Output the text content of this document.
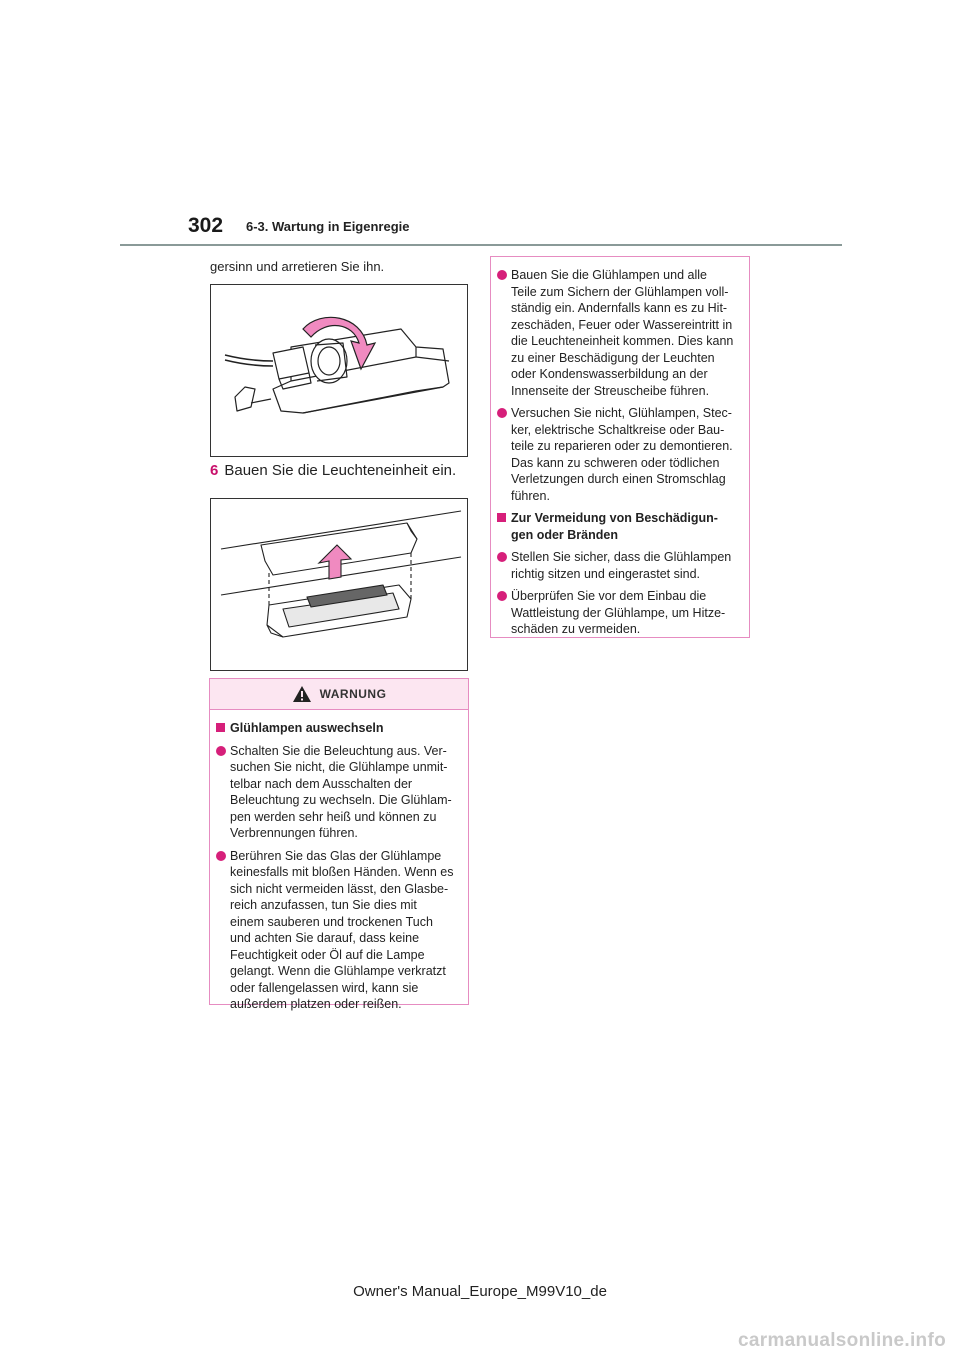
302 6-3. Wartung in Eigenregie
gersinn und arretieren Sie ihn.
6 Bauen Sie die Leuchteneinheit ein.
WARNUNG
Glühlampen auswechseln
Schalten Sie die Beleuchtung aus. Ver-
suchen Sie nicht, die Glühlampe unmit-
telbar nach dem Ausschalten der
Beleuchtung zu wechseln. Die Glühlam-
pen werden sehr heiß und können zu
Verbrennungen führen.
Berühren Sie das Glas der Glühlampe
keinesfalls mit bloßen Händen. Wenn es
sich nicht vermeiden lässt, den Glasbe-
reich anzufassen, tun Sie dies mit
einem sauberen und trockenen Tuch
und achten Sie darauf, dass keine
Feuchtigkeit oder Öl auf die Lampe
gelangt. Wenn die Glühlampe verkratzt
oder fallengelassen wird, kann sie
außerdem platzen oder reißen.
Bauen Sie die Glühlampen und alle
Teile zum Sichern der Glühlampen voll-
ständig ein. Andernfalls kann es zu Hit-
zeschäden, Feuer oder Wassereintritt in
die Leuchteneinheit kommen. Dies kann
zu einer Beschädigung der Leuchten
oder Kondenswasserbildung an der
Innenseite der Streuscheibe führen.
Versuchen Sie nicht, Glühlampen, Stec-
ker, elektrische Schaltkreise oder Bau-
teile zu reparieren oder zu demontieren.
Das kann zu schweren oder tödlichen
Verletzungen durch einen Stromschlag
führen.
Zur Vermeidung von Beschädigun-
gen oder Bränden
Stellen Sie sicher, dass die Glühlampen
richtig sitzen und eingerastet sind.
Überprüfen Sie vor dem Einbau die
Wattleistung der Glühlampe, um Hitze-
schäden zu vermeiden.
Owner's Manual_Europe_M99V10_de
carmanualsonline.info
